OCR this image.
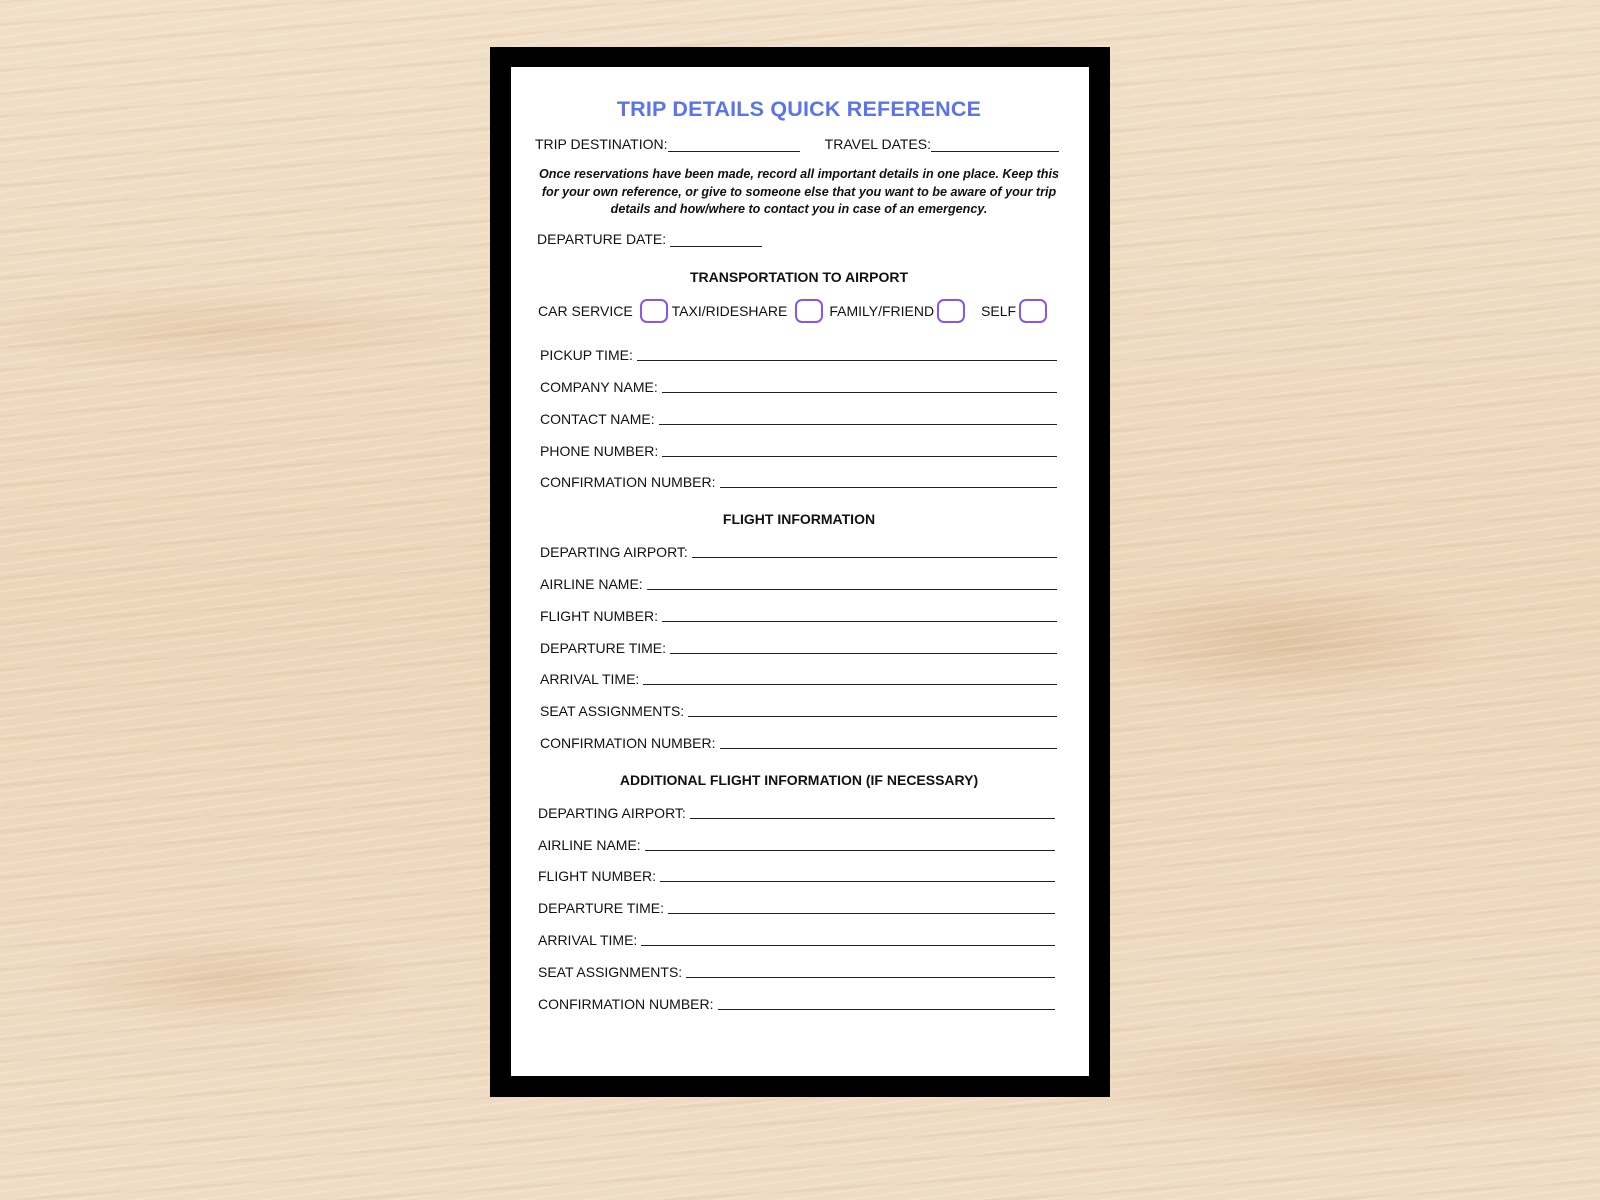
TRIP DETAILS QUICK REFERENCE
TRIP DESTINATION:	TRAVEL DATES:
Once reservations have been made, record all important details in one place. Keep this for your own reference, or give to someone else that you want to be aware of your trip details and how/where to contact you in case of an emergency.
DEPARTURE DATE:
TRANSPORTATION TO AIRPORT
CAR SERVICE	TAXI/RIDESHARE	FAMILY/FRIEND	SELF
PICKUP TIME:
COMPANY NAME:
CONTACT NAME:
PHONE NUMBER:
CONFIRMATION NUMBER:
FLIGHT INFORMATION
DEPARTING AIRPORT:
AIRLINE NAME:
FLIGHT NUMBER:
DEPARTURE TIME:
ARRIVAL TIME:
SEAT ASSIGNMENTS:
CONFIRMATION NUMBER:
ADDITIONAL FLIGHT INFORMATION (IF NECESSARY)
DEPARTING AIRPORT:
AIRLINE NAME:
FLIGHT NUMBER:
DEPARTURE TIME:
ARRIVAL TIME:
SEAT ASSIGNMENTS:
CONFIRMATION NUMBER:
